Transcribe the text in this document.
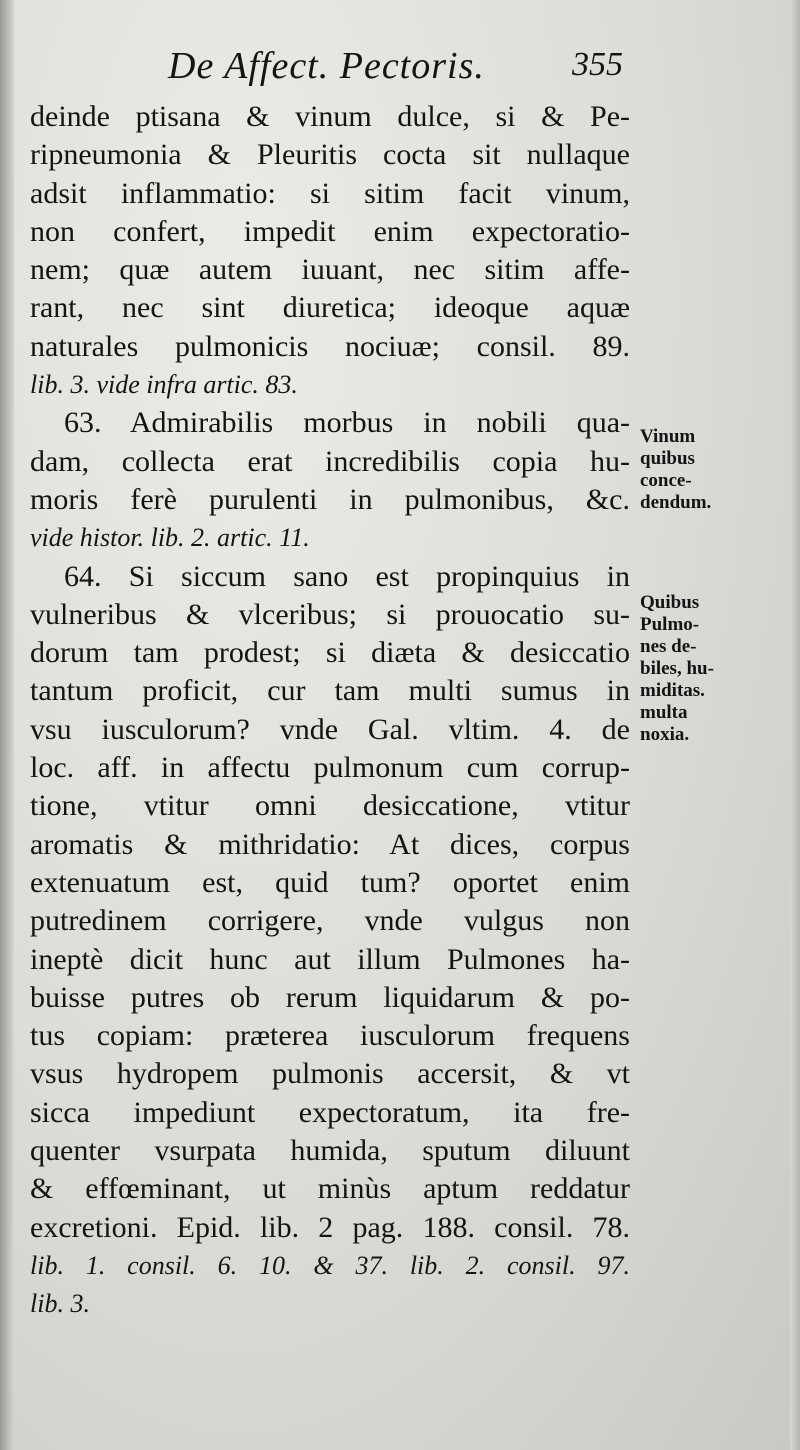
De Affect. Pectoris.	355
deinde ptisana & vinum dulce, si & Pe-
ripneumonia & Pleuritis cocta sit nullaque
adsit inflammatio: si sitim facit vinum,
non confert, impedit enim expectoratio-
nem; quæ autem iuuant, nec sitim affe-
rant, nec sint diuretica; ideoque aquæ
naturales pulmonicis nociuæ; consil. 89.
lib. 3. vide infra artic. 83.
63. Admirabilis morbus in nobili qua-
dam, collecta erat incredibilis copia hu-
moris ferè purulenti in pulmonibus, &c.
vide histor. lib. 2. artic. 11.
64. Si siccum sano est propinquius in
vulneribus & vlceribus; si prouocatio su-
dorum tam prodest; si diæta & desiccatio
tantum proficit, cur tam multi sumus in
vsu iusculorum? vnde Gal. vltim. 4. de
loc. aff. in affectu pulmonum cum corrup-
tione, vtitur omni desiccatione, vtitur
aromatis & mithridatio: At dices, corpus
extenuatum est, quid tum? oportet enim
putredinem corrigere, vnde vulgus non
ineptè dicit hunc aut illum Pulmones ha-
buisse putres ob rerum liquidarum & po-
tus copiam: præterea iusculorum frequens
vsus hydropem pulmonis accersit, & vt
sicca impediunt expectoratum, ita fre-
quenter vsurpata humida, sputum diluunt
& effœminant, ut minùs aptum reddatur
excretioni. Epid. lib. 2 pag. 188. consil. 78.
lib. 1. consil. 6. 10. & 37. lib. 2. consil. 97.
lib. 3.
Vinum
quibus
conce-
dendum.
Quibus
Pulmo-
nes de-
biles, hu-
miditas.
multa
noxia.
